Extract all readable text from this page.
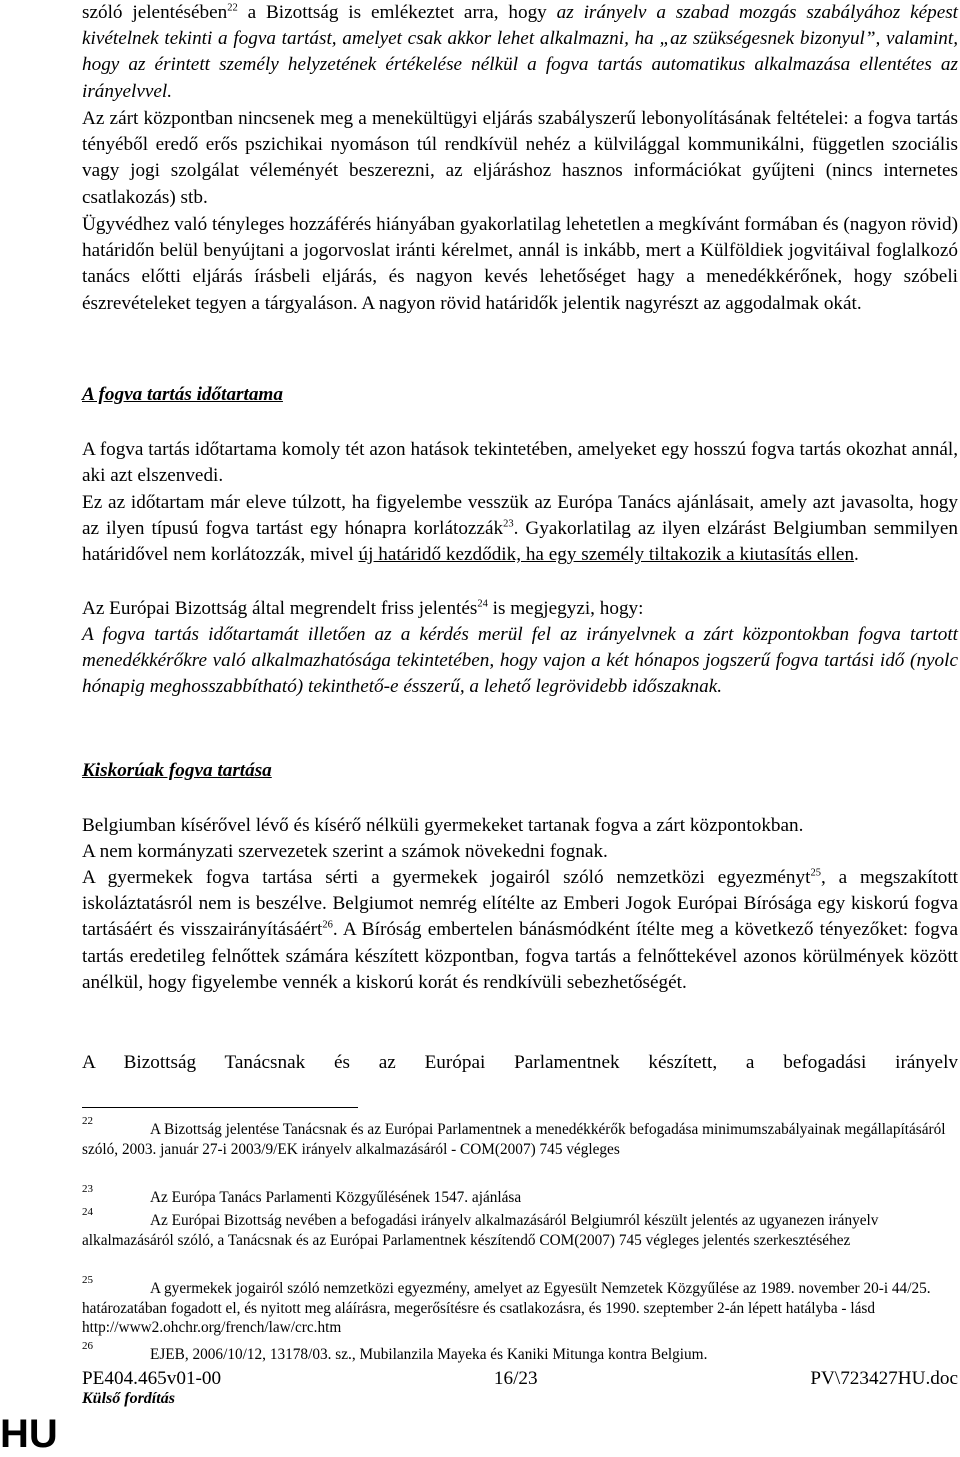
szóló jelentésében$^{22}$ a Bizottság is emlékeztet arra, hogy az irányelv a szabad mozgás szabályához képest kivételnek tekinti a fogva tartást, amelyet csak akkor lehet alkalmazni, ha „az szükségesnek bizonyul”, valamint, hogy az érintett személy helyzetének értékelése nélkül a fogva tartás automatikus alkalmazása ellentétes az irányelvvel.

Az zárt központban nincsenek meg a menekültügyi eljárás szabályszerű lebonyolításának feltételei: a fogva tartás tényéből eredő erős pszichikai nyomáson túl rendkívül nehéz a külvilággal kommunikálni, független szociális vagy jogi szolgálat véleményét beszerezni, az eljáráshoz hasznos információkat gyűjteni (nincs internetes csatlakozás) stb.

Ügyvédhez való tényleges hozzáférés hiányában gyakorlatilag lehetetlen a megkívánt formában és (nagyon rövid) határidőn belül benyújtani a jogorvoslat iránti kérelmet, annál is inkább, mert a Külföldiek jogvitáival foglalkozó tanács előtti eljárás írásbeli eljárás, és nagyon kevés lehetőséget hagy a menedékkérőnek, hogy szóbeli észrevételeket tegyen a tárgyaláson. A nagyon rövid határidők jelentik nagyrészt az aggodalmak okát.

A fogva tartás időtartama

A fogva tartás időtartama komoly tét azon hatások tekintetében, amelyeket egy hosszú fogva tartás okozhat annál, aki azt elszenvedi.

Ez az időtartam már eleve túlzott, ha figyelembe vesszük az Európa Tanács ajánlásait, amely azt javasolta, hogy az ilyen típusú fogva tartást egy hónapra korlátozzák$^{23}$. Gyakorlatilag az ilyen elzárást Belgiumban semmilyen határidővel nem korlátozzák, mivel új határidő kezdődik, ha egy személy tiltakozik a kiutasítás ellen.

Az Európai Bizottság által megrendelt friss jelentés$^{24}$ is megjegyzi, hogy:

A fogva tartás időtartamát illetően az a kérdés merül fel az irányelvnek a zárt központokban fogva tartott menedékkérőkre való alkalmazhatósága tekintetében, hogy vajon a két hónapos jogszerű fogva tartási idő (nyolc hónapig meghosszabbítható) tekinthető-e ésszerű, a lehető legrövidebb időszaknak.

Kiskorúak fogva tartása

Belgiumban kísérővel lévő és kísérő nélküli gyermekeket tartanak fogva a zárt központokban.

A nem kormányzati szervezetek szerint a számok növekedni fognak.

A gyermekek fogva tartása sérti a gyermekek jogairól szóló nemzetközi egyezményt$^{25}$, a megszakított iskoláztatásról nem is beszélve. Belgiumot nemrég elítélte az Emberi Jogok Európai Bírósága egy kiskorú fogva tartásáért és visszairányításáért$^{26}$. A Bíróság embertelen bánásmódként ítélte meg a következő tényezőket: fogva tartás eredetileg felnőttek számára készített központban, fogva tartás a felnőttekével azonos körülmények között anélkül, hogy figyelembe vennék a kiskorú korát és rendkívüli sebezhetőségét.

A Bizottság Tanácsnak és az Európai Parlamentnek készített, a befogadási irányelv

22	A Bizottság jelentése Tanácsnak és az Európai Parlamentnek a menedékkérők befogadása minimumszabályainak megállapításáról szóló, 2003. január 27-i 2003/9/EK irányelv alkalmazásáról - COM(2007) 745 végleges
23	Az Európa Tanács Parlamenti Közgyűlésének 1547. ajánlása
24	Az Európai Bizottság nevében a befogadási irányelv alkalmazásáról Belgiumról készült jelentés az ugyanezen irányelv alkalmazásáról szóló, a Tanácsnak és az Európai Parlamentnek készítendő COM(2007) 745 végleges jelentés szerkesztéséhez
25	A gyermekek jogairól szóló nemzetközi egyezmény, amelyet az Egyesült Nemzetek Közgyűlése az 1989. november 20-i 44/25. határozatában fogadott el, és nyitott meg aláírásra, megerősítésre és csatlakozásra, és 1990. szeptember 2-án lépett hatályba - lásd http://www2.ohchr.org/french/law/crc.htm
26	EJEB, 2006/10/12, 13178/03. sz., Mubilanzila Mayeka és Kaniki Mitunga kontra Belgium.
PE404.465v01-00	16/23	PV\723427HU.doc
Külső fordítás
HU
